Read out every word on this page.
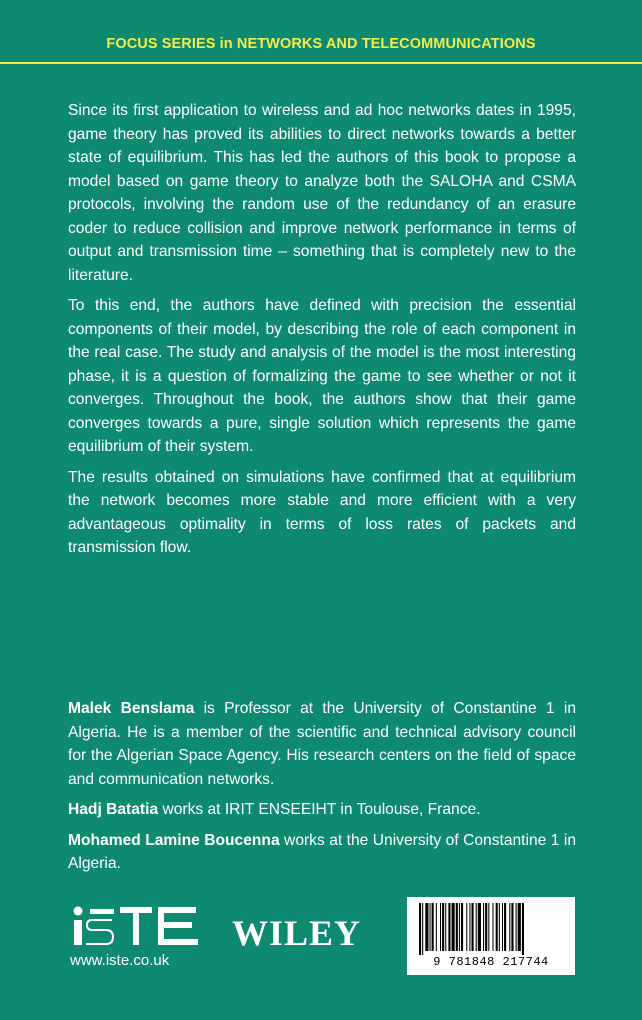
FOCUS SERIES in NETWORKS AND TELECOMMUNICATIONS

Since its first application to wireless and ad hoc networks dates in 1995, game theory has proved its abilities to direct networks towards a better state of equilibrium. This has led the authors of this book to propose a model based on game theory to analyze both the SALOHA and CSMA protocols, involving the random use of the redundancy of an erasure coder to reduce collision and improve network performance in terms of output and transmission time – something that is completely new to the literature.

To this end, the authors have defined with precision the essential components of their model, by describing the role of each component in the real case. The study and analysis of the model is the most interesting phase, it is a question of formalizing the game to see whether or not it converges. Throughout the book, the authors show that their game converges towards a pure, single solution which represents the game equilibrium of their system.

The results obtained on simulations have confirmed that at equilibrium the network becomes more stable and more efficient with a very advantageous optimality in terms of loss rates of packets and transmission flow.

Malek Benslama is Professor at the University of Constantine 1 in Algeria. He is a member of the scientific and technical advisory council for the Algerian Space Agency. His research centers on the field of space and communication networks.

Hadj Batatia works at IRIT ENSEEIHT in Toulouse, France.

Mohamed Lamine Boucenna works at the University of Constantine 1 in Algeria.

www.iste.co.uk
WILEY
9 781848 217744
